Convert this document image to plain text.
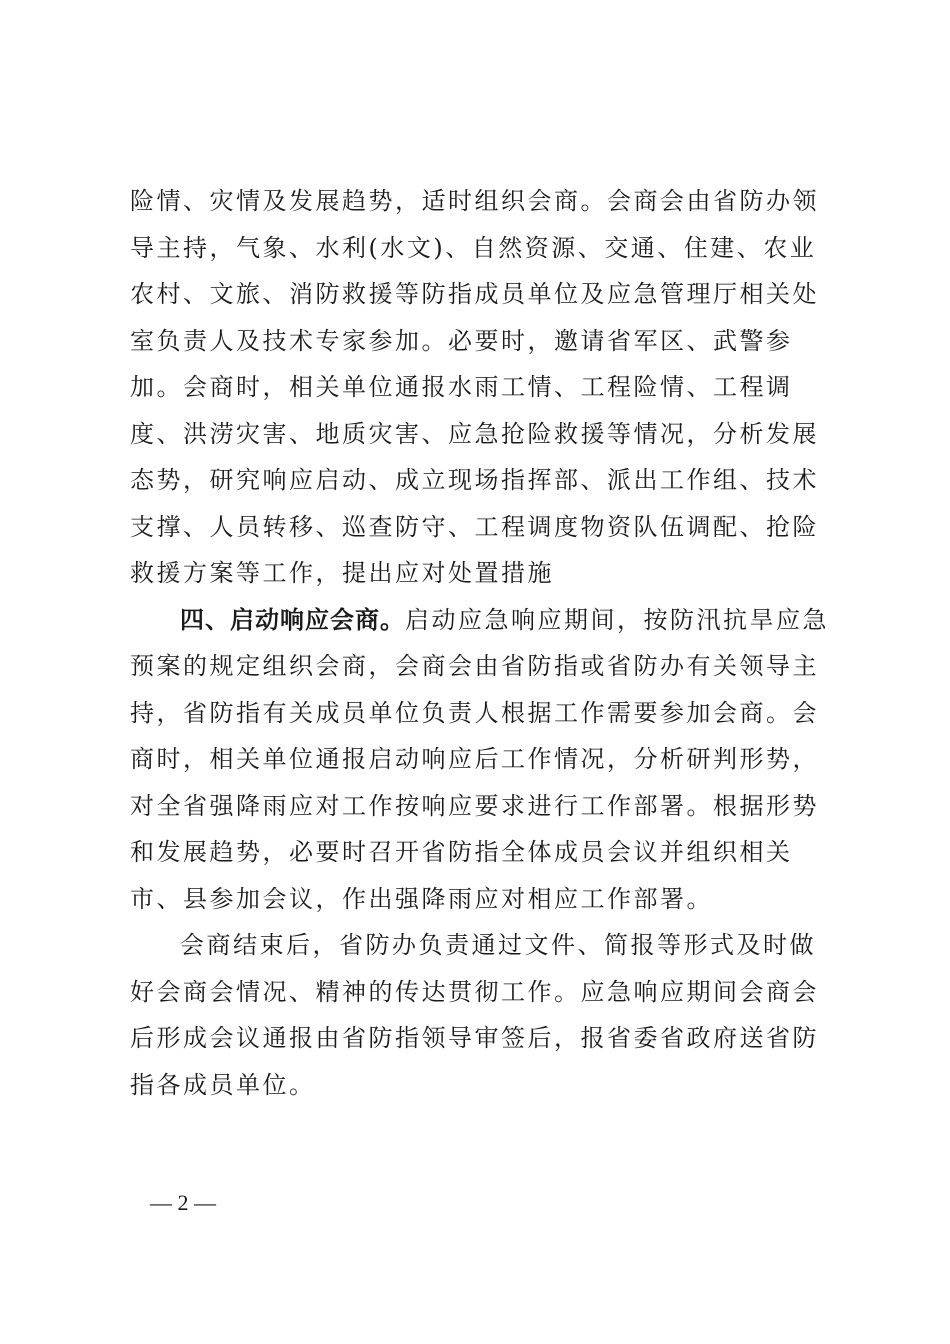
险情、灾情及发展趋势，适时组织会商。会商会由省防办领导主持，气象、水利(水文)、自然资源、交通、住建、农业农村、文旅、消防救援等防指成员单位及应急管理厅相关处室负责人及技术专家参加。必要时，邀请省军区、武警参加。会商时，相关单位通报水雨工情、工程险情、工程调度、洪涝灾害、地质灾害、应急抢险救援等情况，分析发展态势，研究响应启动、成立现场指挥部、派出工作组、技术支撑、人员转移、巡查防守、工程调度物资队伍调配、抢险救援方案等工作，提出应对处置措施

四、启动响应会商。启动应急响应期间，按防汛抗旱应急预案的规定组织会商，会商会由省防指或省防办有关领导主持，省防指有关成员单位负责人根据工作需要参加会商。会商时，相关单位通报启动响应后工作情况，分析研判形势，对全省强降雨应对工作按响应要求进行工作部署。根据形势和发展趋势，必要时召开省防指全体成员会议并组织相关市、县参加会议，作出强降雨应对相应工作部署。

会商结束后，省防办负责通过文件、简报等形式及时做好会商会情况、精神的传达贯彻工作。应急响应期间会商会后形成会议通报由省防指领导审签后，报省委省政府送省防指各成员单位。

— 2 —
